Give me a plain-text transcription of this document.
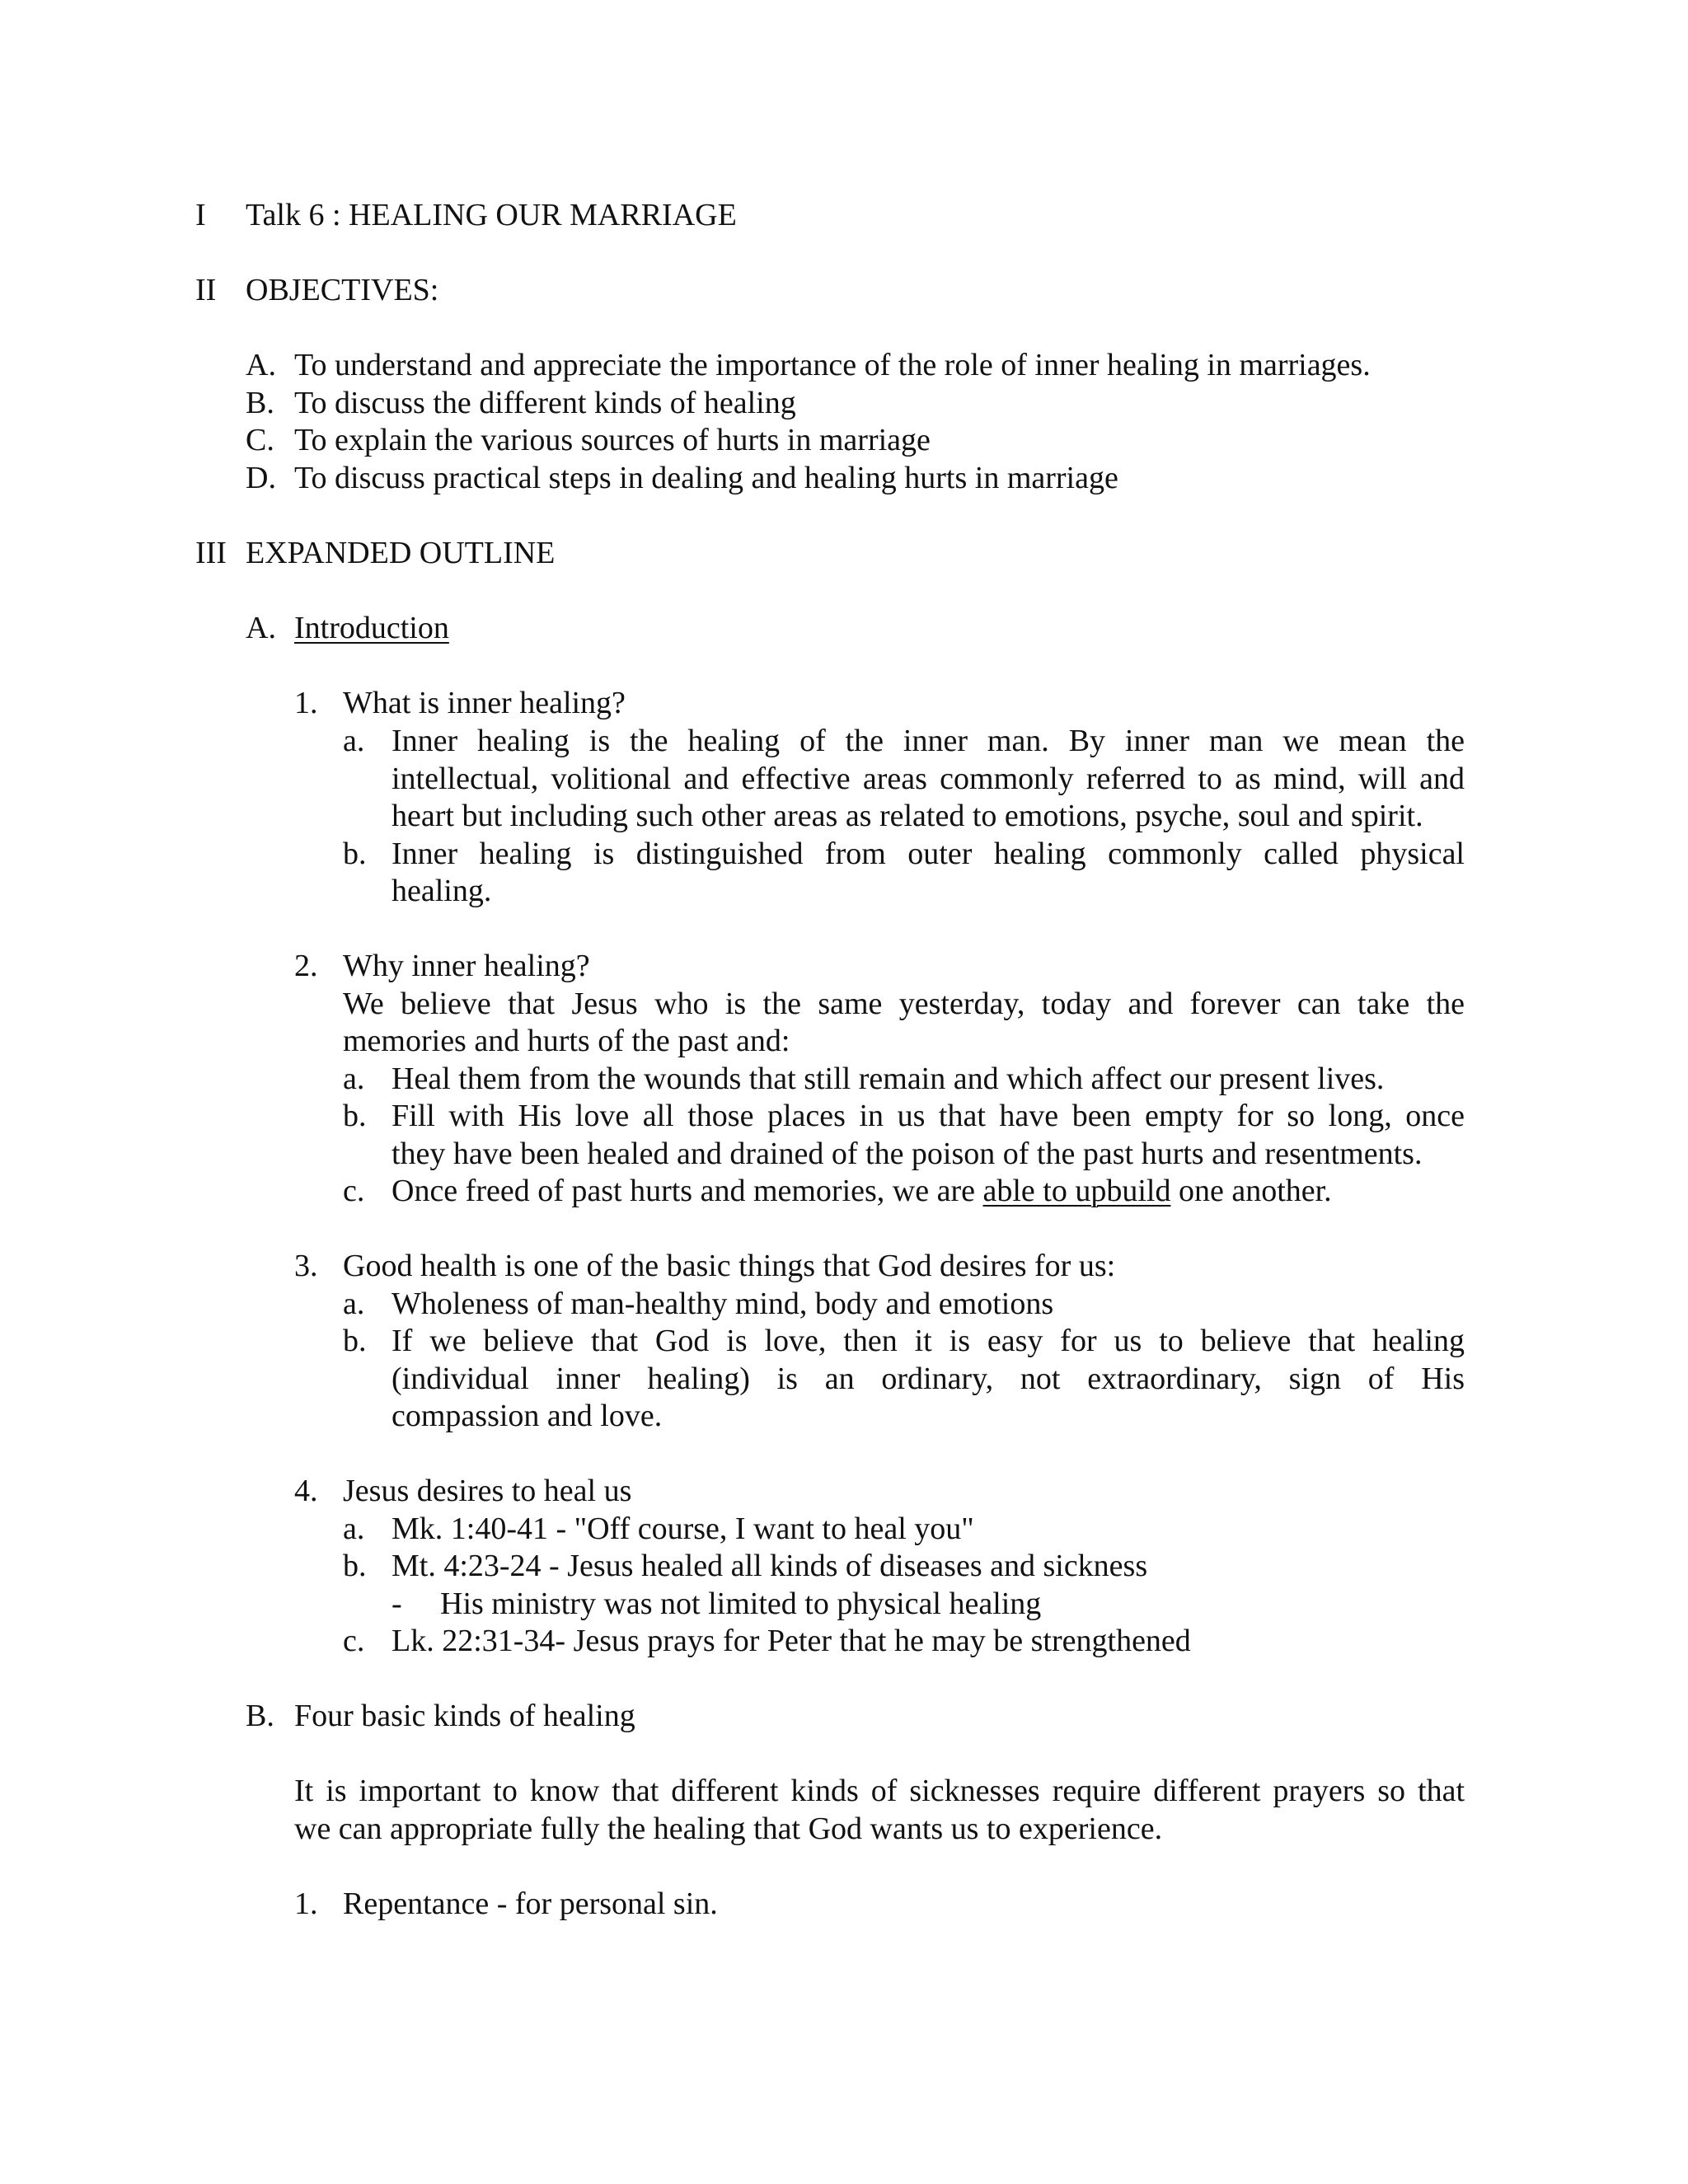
I Talk 6 : HEALING OUR MARRIAGE
II OBJECTIVES:
A. To understand and appreciate the importance of the role of inner healing in marriages.
B. To discuss the different kinds of healing
C. To explain the various sources of hurts in marriage
D. To discuss practical steps in dealing and healing hurts in marriage
III EXPANDED OUTLINE
A. Introduction
1. What is inner healing?
a. Inner healing is the healing of the inner man. By inner man we mean the
intellectual, volitional and effective areas commonly referred to as mind, will and
heart but including such other areas as related to emotions, psyche, soul and spirit.
b. Inner healing is distinguished from outer healing commonly called physical
healing.
2. Why inner healing?
We believe that Jesus who is the same yesterday, today and forever can take the
memories and hurts of the past and:
a. Heal them from the wounds that still remain and which affect our present lives.
b. Fill with His love all those places in us that have been empty for so long, once
they have been healed and drained of the poison of the past hurts and resentments.
c. Once freed of past hurts and memories, we are able to upbuild one another.
3. Good health is one of the basic things that God desires for us:
a. Wholeness of man-healthy mind, body and emotions
b. If we believe that God is love, then it is easy for us to believe that healing
(individual inner healing) is an ordinary, not extraordinary, sign of His
compassion and love.
4. Jesus desires to heal us
a. Mk. 1:40-41 - "Off course, I want to heal you"
b. Mt. 4:23-24 - Jesus healed all kinds of diseases and sickness
- His ministry was not limited to physical healing
c. Lk. 22:31-34- Jesus prays for Peter that he may be strengthened
B. Four basic kinds of healing
It is important to know that different kinds of sicknesses require different prayers so that
we can appropriate fully the healing that God wants us to experience.
1. Repentance - for personal sin.
